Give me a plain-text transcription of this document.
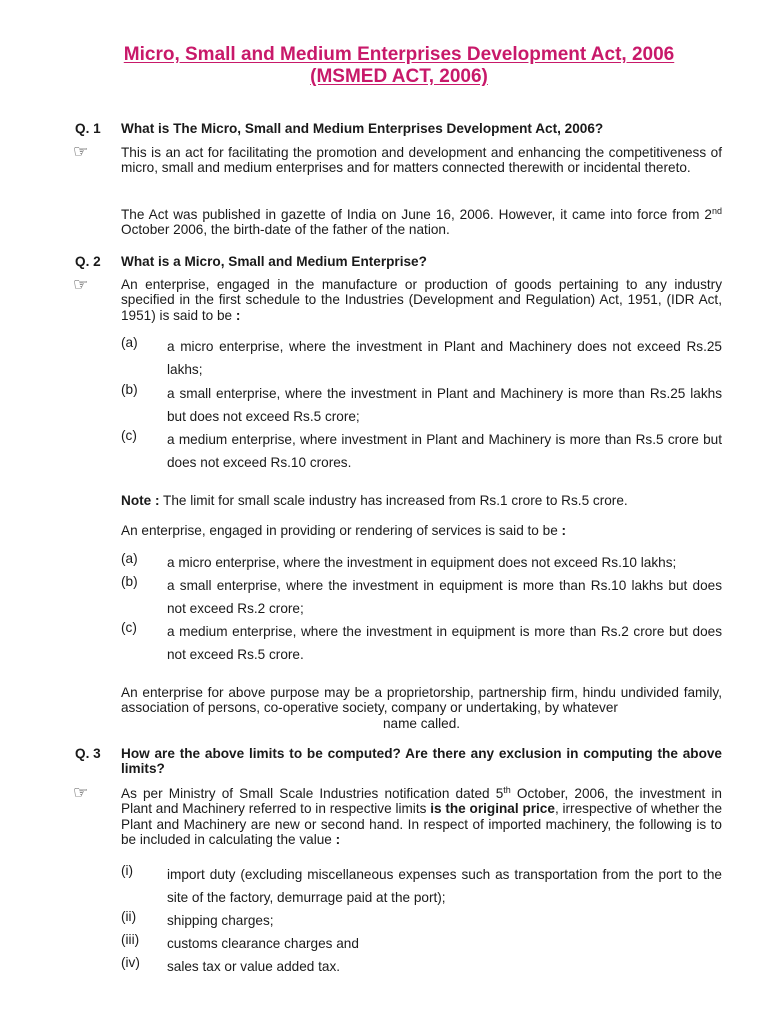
Micro, Small and Medium Enterprises Development Act, 2006
(MSMED ACT, 2006)
Q. 1 What is The Micro, Small and Medium Enterprises Development Act, 2006?
☞ This is an act for facilitating the promotion and development and enhancing the competitiveness of micro, small and medium enterprises and for matters connected therewith or incidental thereto.
The Act was published in gazette of India on June 16, 2006. However, it came into force from 2nd October 2006, the birth-date of the father of the nation.
Q. 2 What is a Micro, Small and Medium Enterprise?
☞ An enterprise, engaged in the manufacture or production of goods pertaining to any industry specified in the first schedule to the Industries (Development and Regulation) Act, 1951, (IDR Act, 1951) is said to be :
(a) a micro enterprise, where the investment in Plant and Machinery does not exceed Rs.25 lakhs;
(b) a small enterprise, where the investment in Plant and Machinery is more than Rs.25 lakhs but does not exceed Rs.5 crore;
(c) a medium enterprise, where investment in Plant and Machinery is more than Rs.5 crore but does not exceed Rs.10 crores.
Note : The limit for small scale industry has increased from Rs.1 crore to Rs.5 crore.
An enterprise, engaged in providing or rendering of services is said to be :
(a) a micro enterprise, where the investment in equipment does not exceed Rs.10 lakhs;
(b) a small enterprise, where the investment in equipment is more than Rs.10 lakhs but does not exceed Rs.2 crore;
(c) a medium enterprise, where the investment in equipment is more than Rs.2 crore but does not exceed Rs.5 crore.
An enterprise for above purpose may be a proprietorship, partnership firm, hindu undivided family, association of persons, co-operative society, company or undertaking, by whatever
name called.
Q. 3 How are the above limits to be computed? Are there any exclusion in computing the above limits?
☞ As per Ministry of Small Scale Industries notification dated 5th October, 2006, the investment in Plant and Machinery referred to in respective limits is the original price, irrespective of whether the Plant and Machinery are new or second hand. In respect of imported machinery, the following is to be included in calculating the value :
(i) import duty (excluding miscellaneous expenses such as transportation from the port to the site of the factory, demurrage paid at the port);
(ii) shipping charges;
(iii) customs clearance charges and
(iv) sales tax or value added tax.
